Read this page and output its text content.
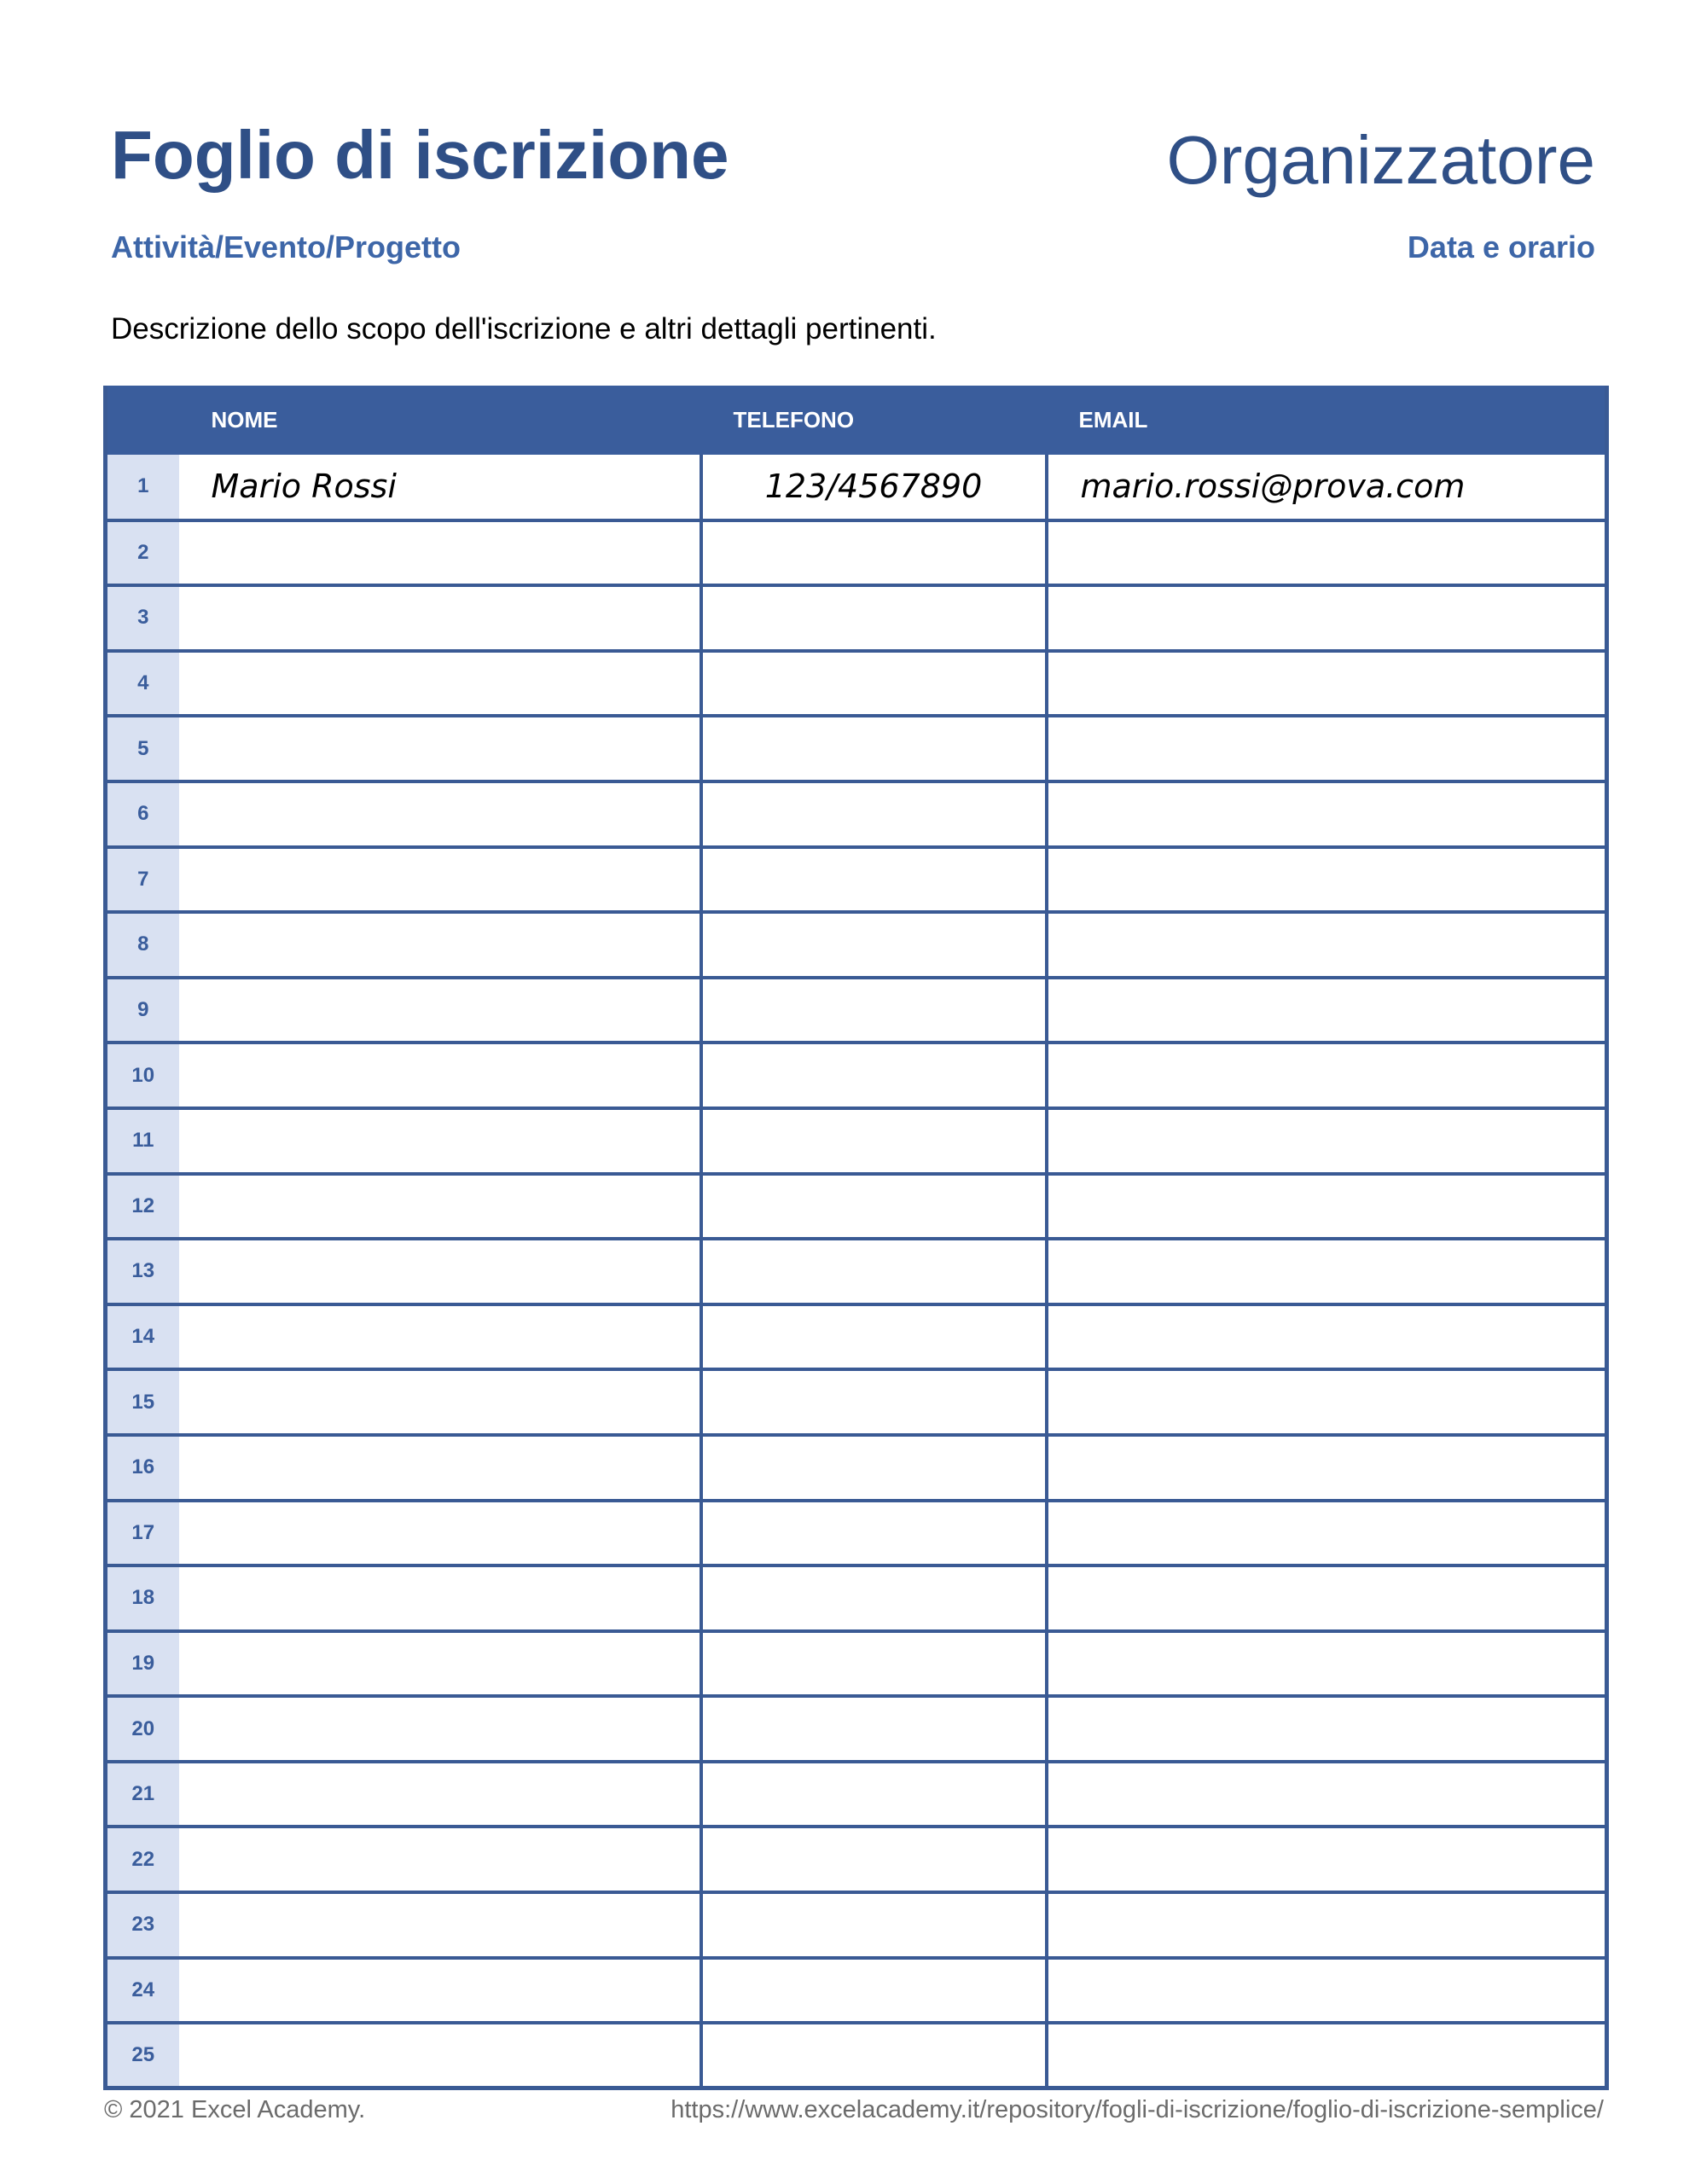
Foglio di iscrizione	Organizzatore
Attività/Evento/Progetto	Data e orario
Descrizione dello scopo dell'iscrizione e altri dettagli pertinenti.
	NOME	TELEFONO	EMAIL
1	Mario Rossi	123/4567890	mario.rossi@prova.com
2			
3			
4			
5			
6			
7			
8			
9			
10			
11			
12			
13			
14			
15			
16			
17			
18			
19			
20			
21			
22			
23			
24			
25			
© 2021 Excel Academy.	https://www.excelacademy.it/repository/fogli-di-iscrizione/foglio-di-iscrizione-semplice/
